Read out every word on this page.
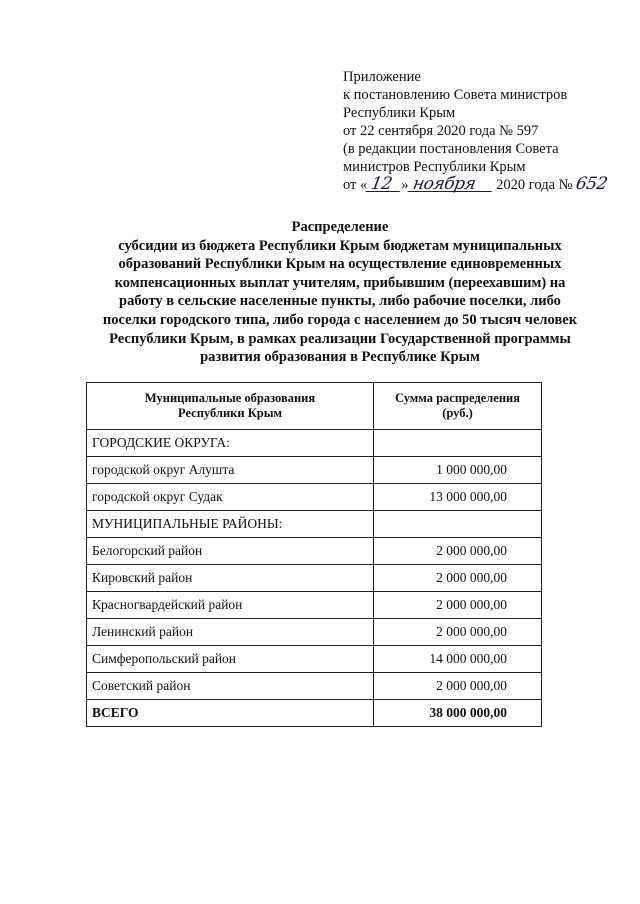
Приложение
к постановлению Совета министров
Республики Крым
от 22 сентября 2020 года № 597
(в редакции постановления Совета
министров Республики Крым
от « 12 » ноября 2020 года № 652
Распределение
субсидии из бюджета Республики Крым бюджетам муниципальных
образований Республики Крым на осуществление единовременных
компенсационных выплат учителям, прибывшим (переехавшим) на
работу в сельские населенные пункты, либо рабочие поселки, либо
поселки городского типа, либо города с населением до 50 тысяч человек
Республики Крым, в рамках реализации Государственной программы
развития образования в Республике Крым
Муниципальные образования
Республики Крым	Сумма распределения
(руб.)
ГОРОДСКИЕ ОКРУГА:	
городской округ Алушта	1 000 000,00
городской округ Судак	13 000 000,00
МУНИЦИПАЛЬНЫЕ РАЙОНЫ:	
Белогорский район	2 000 000,00
Кировский район	2 000 000,00
Красногвардейский район	2 000 000,00
Ленинский район	2 000 000,00
Симферопольский район	14 000 000,00
Советский район	2 000 000,00
ВСЕГО	38 000 000,00
